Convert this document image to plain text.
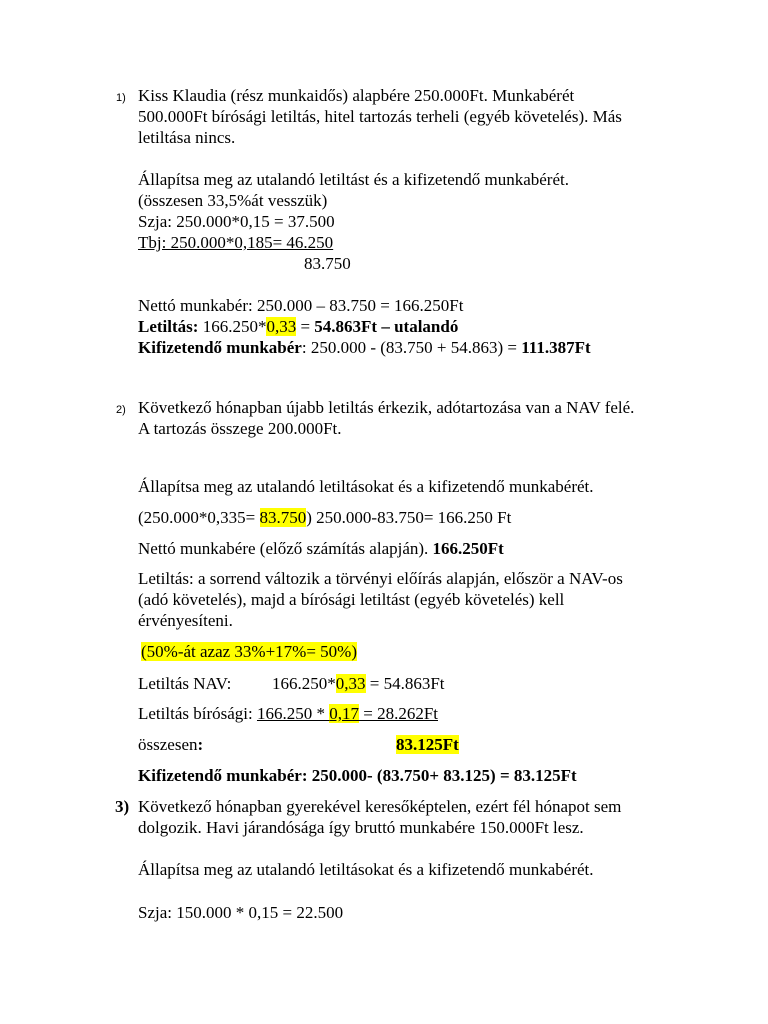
1) Kiss Klaudia (rész munkaidős) alapbére 250.000Ft. Munkabérét
500.000Ft bírósági letiltás, hitel tartozás terheli (egyéb követelés). Más
letiltása nincs.
Állapítsa meg az utalandó letiltást és a kifizetendő munkabérét.
(összesen 33,5%át vesszük)
Szja: 250.000*0,15 = 37.500
Tbj: 250.000*0,185= 46.250
83.750
Nettó munkabér: 250.000 – 83.750 = 166.250Ft
Letiltás: 166.250*0,33 = 54.863Ft – utalandó
Kifizetendő munkabér: 250.000 - (83.750 + 54.863) = 111.387Ft
2) Következő hónapban újabb letiltás érkezik, adótartozása van a NAV felé.
A tartozás összege 200.000Ft.
Állapítsa meg az utalandó letiltásokat és a kifizetendő munkabérét.
(250.000*0,335= 83.750) 250.000-83.750= 166.250 Ft
Nettó munkabére (előző számítás alapján). 166.250Ft
Letiltás: a sorrend változik a törvényi előírás alapján, először a NAV-os
(adó követelés), majd a bírósági letiltást (egyéb követelés) kell
érvényesíteni.
(50%-át azaz 33%+17%= 50%)
Letiltás NAV: 166.250*0,33 = 54.863Ft
Letiltás bírósági: 166.250 * 0,17 = 28.262Ft
összesen:	83.125Ft
Kifizetendő munkabér: 250.000- (83.750+ 83.125) = 83.125Ft
3) Következő hónapban gyerekével keresőképtelen, ezért fél hónapot sem
dolgozik. Havi járandósága így bruttó munkabére 150.000Ft lesz.
Állapítsa meg az utalandó letiltásokat és a kifizetendő munkabérét.
Szja: 150.000 * 0,15 = 22.500
